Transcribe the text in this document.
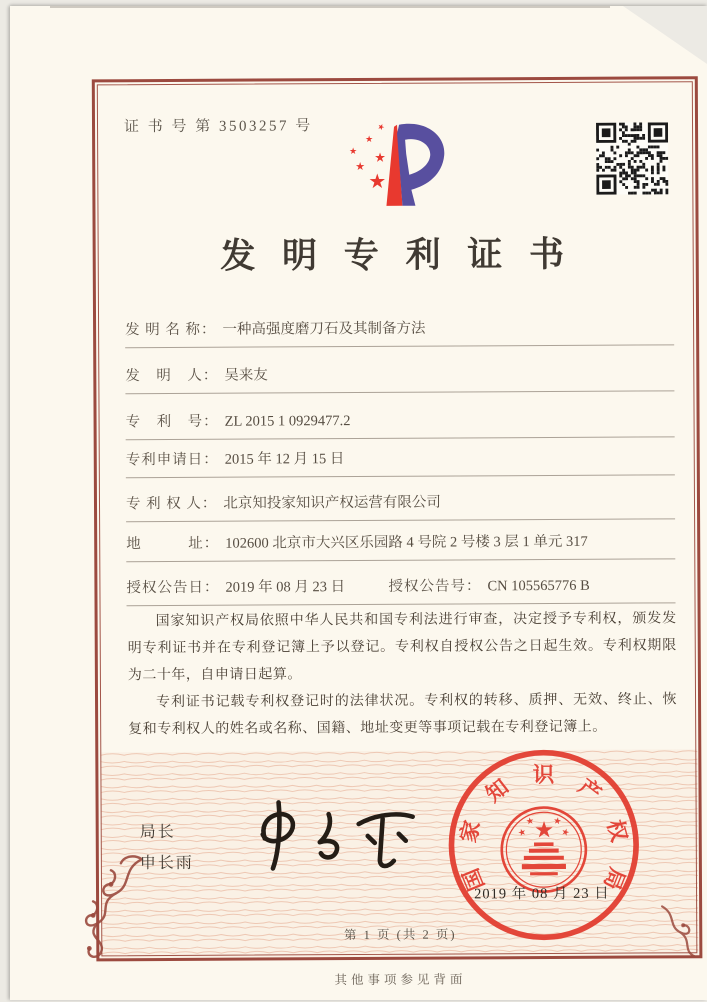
证 书 号 第 3503257 号
★
★
★
★
★
★
发 明 专 利 证 书
发 明 名 称： 一种高强度磨刀石及其制备方法
发　明　人： 吴来友
专　利　号： ZL 2015 1 0929477.2
专利申请日： 2015 年 12 月 15 日
专 利 权 人： 北京知投家知识产权运营有限公司
地　　　址： 102600 北京市大兴区乐园路 4 号院 2 号楼 3 层 1 单元 317
授权公告日： 2019 年 08 月 23 日	授权公告号： CN 105565776 B

国家知识产权局依照中华人民共和国专利法进行审查，决定授予专利权，颁发发明专利证书并在专利登记簿上予以登记。专利权自授权公告之日起生效。专利权期限为二十年，自申请日起算。

专利证书记载专利权登记时的法律状况。专利权的转移、质押、无效、终止、恢复和专利权人的姓名或名称、国籍、地址变更等事项记载在专利登记簿上。

局长
申长雨
国
家
知 识 产
权
局
★
★
★ ★
★
2019 年 08 月 23 日
第 1 页 (共 2 页)
其他事项参见背面
